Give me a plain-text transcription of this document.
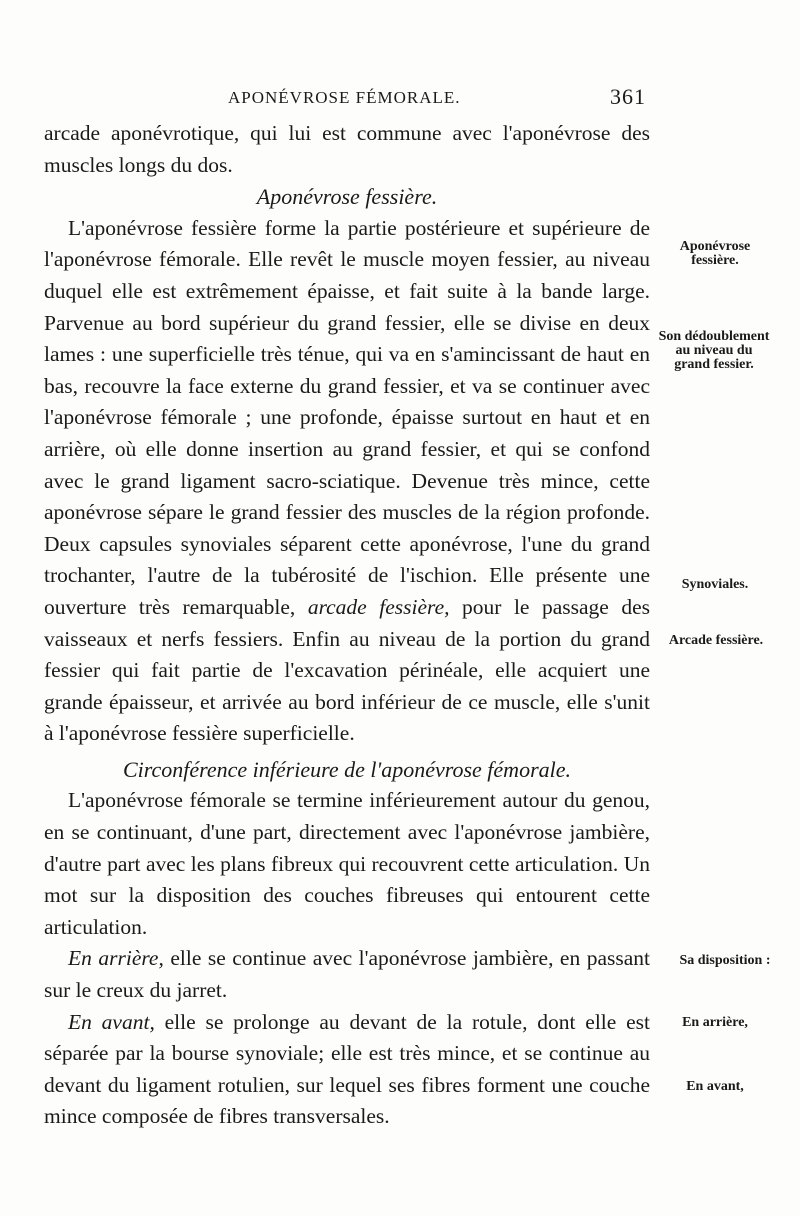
APONÉVROSE FÉMORALE.	361

arcade aponévrotique, qui lui est commune avec l'aponévrose des muscles longs du dos.

Aponévrose fessière.

L'aponévrose fessière forme la partie postérieure et supérieure de l'aponévrose fémorale. Elle revêt le muscle moyen fessier, au niveau duquel elle est extrêmement épaisse, et fait suite à la bande large. Parvenue au bord supérieur du grand fessier, elle se divise en deux lames : une superficielle très ténue, qui va en s'amincissant de haut en bas, recouvre la face externe du grand fessier, et va se continuer avec l'aponévrose fémorale ; une profonde, épaisse surtout en haut et en arrière, où elle donne insertion au grand fessier, et qui se confond avec le grand ligament sacro-sciatique. Devenue très mince, cette aponévrose sépare le grand fessier des muscles de la région profonde. Deux capsules synoviales séparent cette aponévrose, l'une du grand trochanter, l'autre de la tubérosité de l'ischion. Elle présente une ouverture très remarquable, arcade fessière, pour le passage des vaisseaux et nerfs fessiers. Enfin au niveau de la portion du grand fessier qui fait partie de l'excavation périnéale, elle acquiert une grande épaisseur, et arrivée au bord inférieur de ce muscle, elle s'unit à l'aponévrose fessière superficielle.

Circonférence inférieure de l'aponévrose fémorale.

L'aponévrose fémorale se termine inférieurement autour du genou, en se continuant, d'une part, directement avec l'aponévrose jambière, d'autre part avec les plans fibreux qui recouvrent cette articulation. Un mot sur la disposition des couches fibreuses qui entourent cette articulation.

En arrière, elle se continue avec l'aponévrose jambière, en passant sur le creux du jarret.

En avant, elle se prolonge au devant de la rotule, dont elle est séparée par la bourse synoviale; elle est très mince, et se continue au devant du ligament rotulien, sur lequel ses fibres forment une couche mince composée de fibres transversales.

Aponévrose fessière.
Son dédoublement au niveau du grand fessier.
Synoviales.
Arcade fessière.
Sa disposition :
En arrière,
En avant,
